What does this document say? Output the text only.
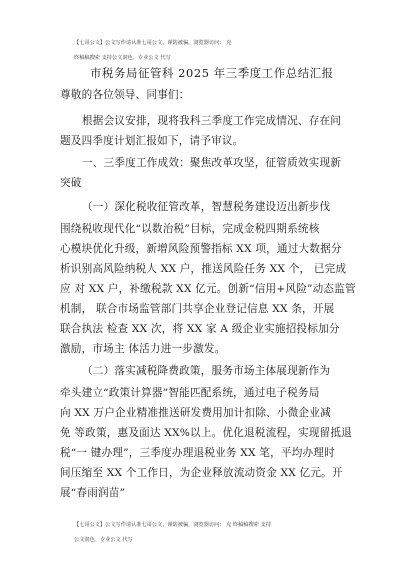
【七哥公文】公文写作请认准七哥公文，谨防被骗，浏览器访问： 克
终稿稿搜索 支持公文润色、专业公文 代写
市税务局征管科 2025 年三季度工作总结汇报
尊敬的各位领导、同事们：
根据会议安排，现将我科三季度工作完成情况、存在问
题及四季度计划汇报如下，请予审议。
一、三季度工作成效：聚焦改革攻坚，征管质效实现新
突破
（一）深化税收征管改革，智慧税务建设迈出新步伐
围绕税收现代化“以数治税”目标，完成金税四期系统核
心模块优化升级，新增风险预警指标 XX 项，通过大数据分
析识别高风险纳税人 XX 户，推送风险任务 XX 个， 已完成
应 对 XX 户，补缴税款 XX 亿元。创新“信用+风险”动态监管
机制， 联合市场监管部门共享企业登记信息 XX 条，开展
联合执法 检查 XX 次，将 XX 家 A 级企业实施招投标加分
激励，市场主 体活力进一步激发。
（二）落实减税降费政策，服务市场主体展现新作为
牵头建立“政策计算器”智能匹配系统，通过电子税务局
向 XX 万户企业精准推送研发费用加计扣除、小微企业减
免 等政策，惠及面达 XX%以上。优化退税流程，实现留抵退
税“一 键办理”，三季度办理退税业务 XX 笔，平均办理时
间压缩至 XX 个工作日，为企业释放流动资金 XX 亿元。开
展“春雨润苗”
【七哥公文】公文写作请认准七哥公文，谨防被骗，浏览器访问： 克 终稿稿搜索 支持
公文润色、专业公文 代写
